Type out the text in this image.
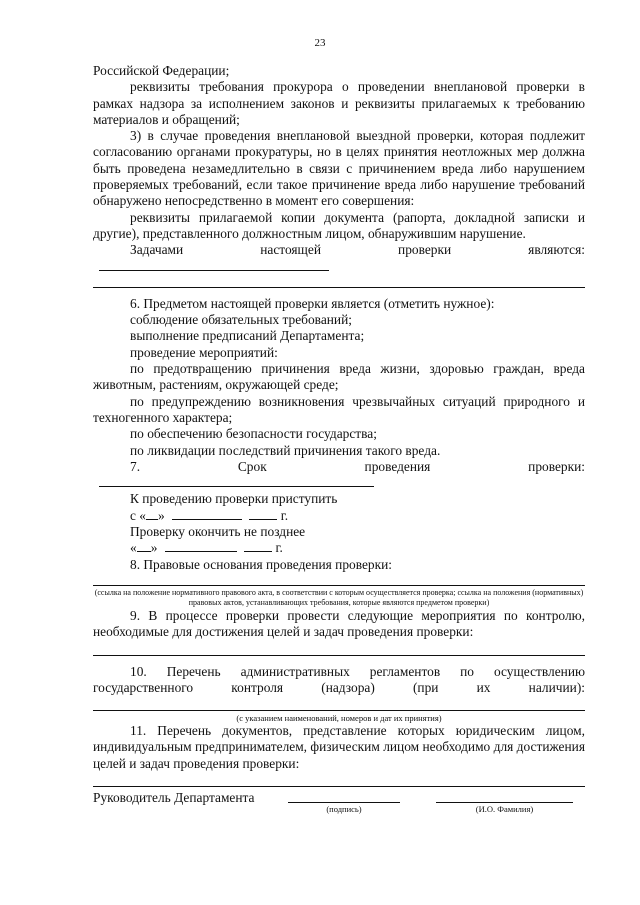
23

Российской Федерации;

реквизиты требования прокурора о проведении внеплановой проверки в рамках надзора за исполнением законов и реквизиты прилагаемых к требованию материалов и обращений;

3) в случае проведения внеплановой выездной проверки, которая подлежит согласованию органами прокуратуры, но в целях принятия неотложных мер должна быть проведена незамедлительно в связи с причинением вреда либо нарушением проверяемых требований, если такое причинение вреда либо нарушение требований обнаружено непосредственно в момент его совершения:

реквизиты прилагаемой копии документа (рапорта, докладной записки и другие), представленного должностным лицом, обнаружившим нарушение.

Задачами настоящей проверки являются:

6. Предметом настоящей проверки является (отметить нужное):

соблюдение обязательных требований;

выполнение предписаний Департамента;

проведение мероприятий:

по предотвращению причинения вреда жизни, здоровью граждан, вреда животным, растениям, окружающей среде;

по предупреждению возникновения чрезвычайных ситуаций природного и техногенного характера;

по обеспечению безопасности государства;

по ликвидации последствий причинения такого вреда.

7. Срок проведения проверки:

К проведению проверки приступить

с « »	г.

Проверку окончить не позднее

« »	г.

8. Правовые основания проведения проверки:

(ссылка на положение нормативного правового акта, в соответствии с которым осуществляется проверка; ссылка на положения (нормативных) правовых актов, устанавливающих требования, которые являются предметом проверки)

9. В процессе проверки провести следующие мероприятия по контролю, необходимые для достижения целей и задач проведения проверки:

10. Перечень административных регламентов по осуществлению государственного контроля (надзора) (при их наличии):

(с указанием наименований, номеров и дат их принятия)

11. Перечень документов, представление которых юридическим лицом, индивидуальным предпринимателем, физическим лицом необходимо для достижения целей и задач проведения проверки:

Руководитель Департамента
(подпись)	(И.О. Фамилия)
